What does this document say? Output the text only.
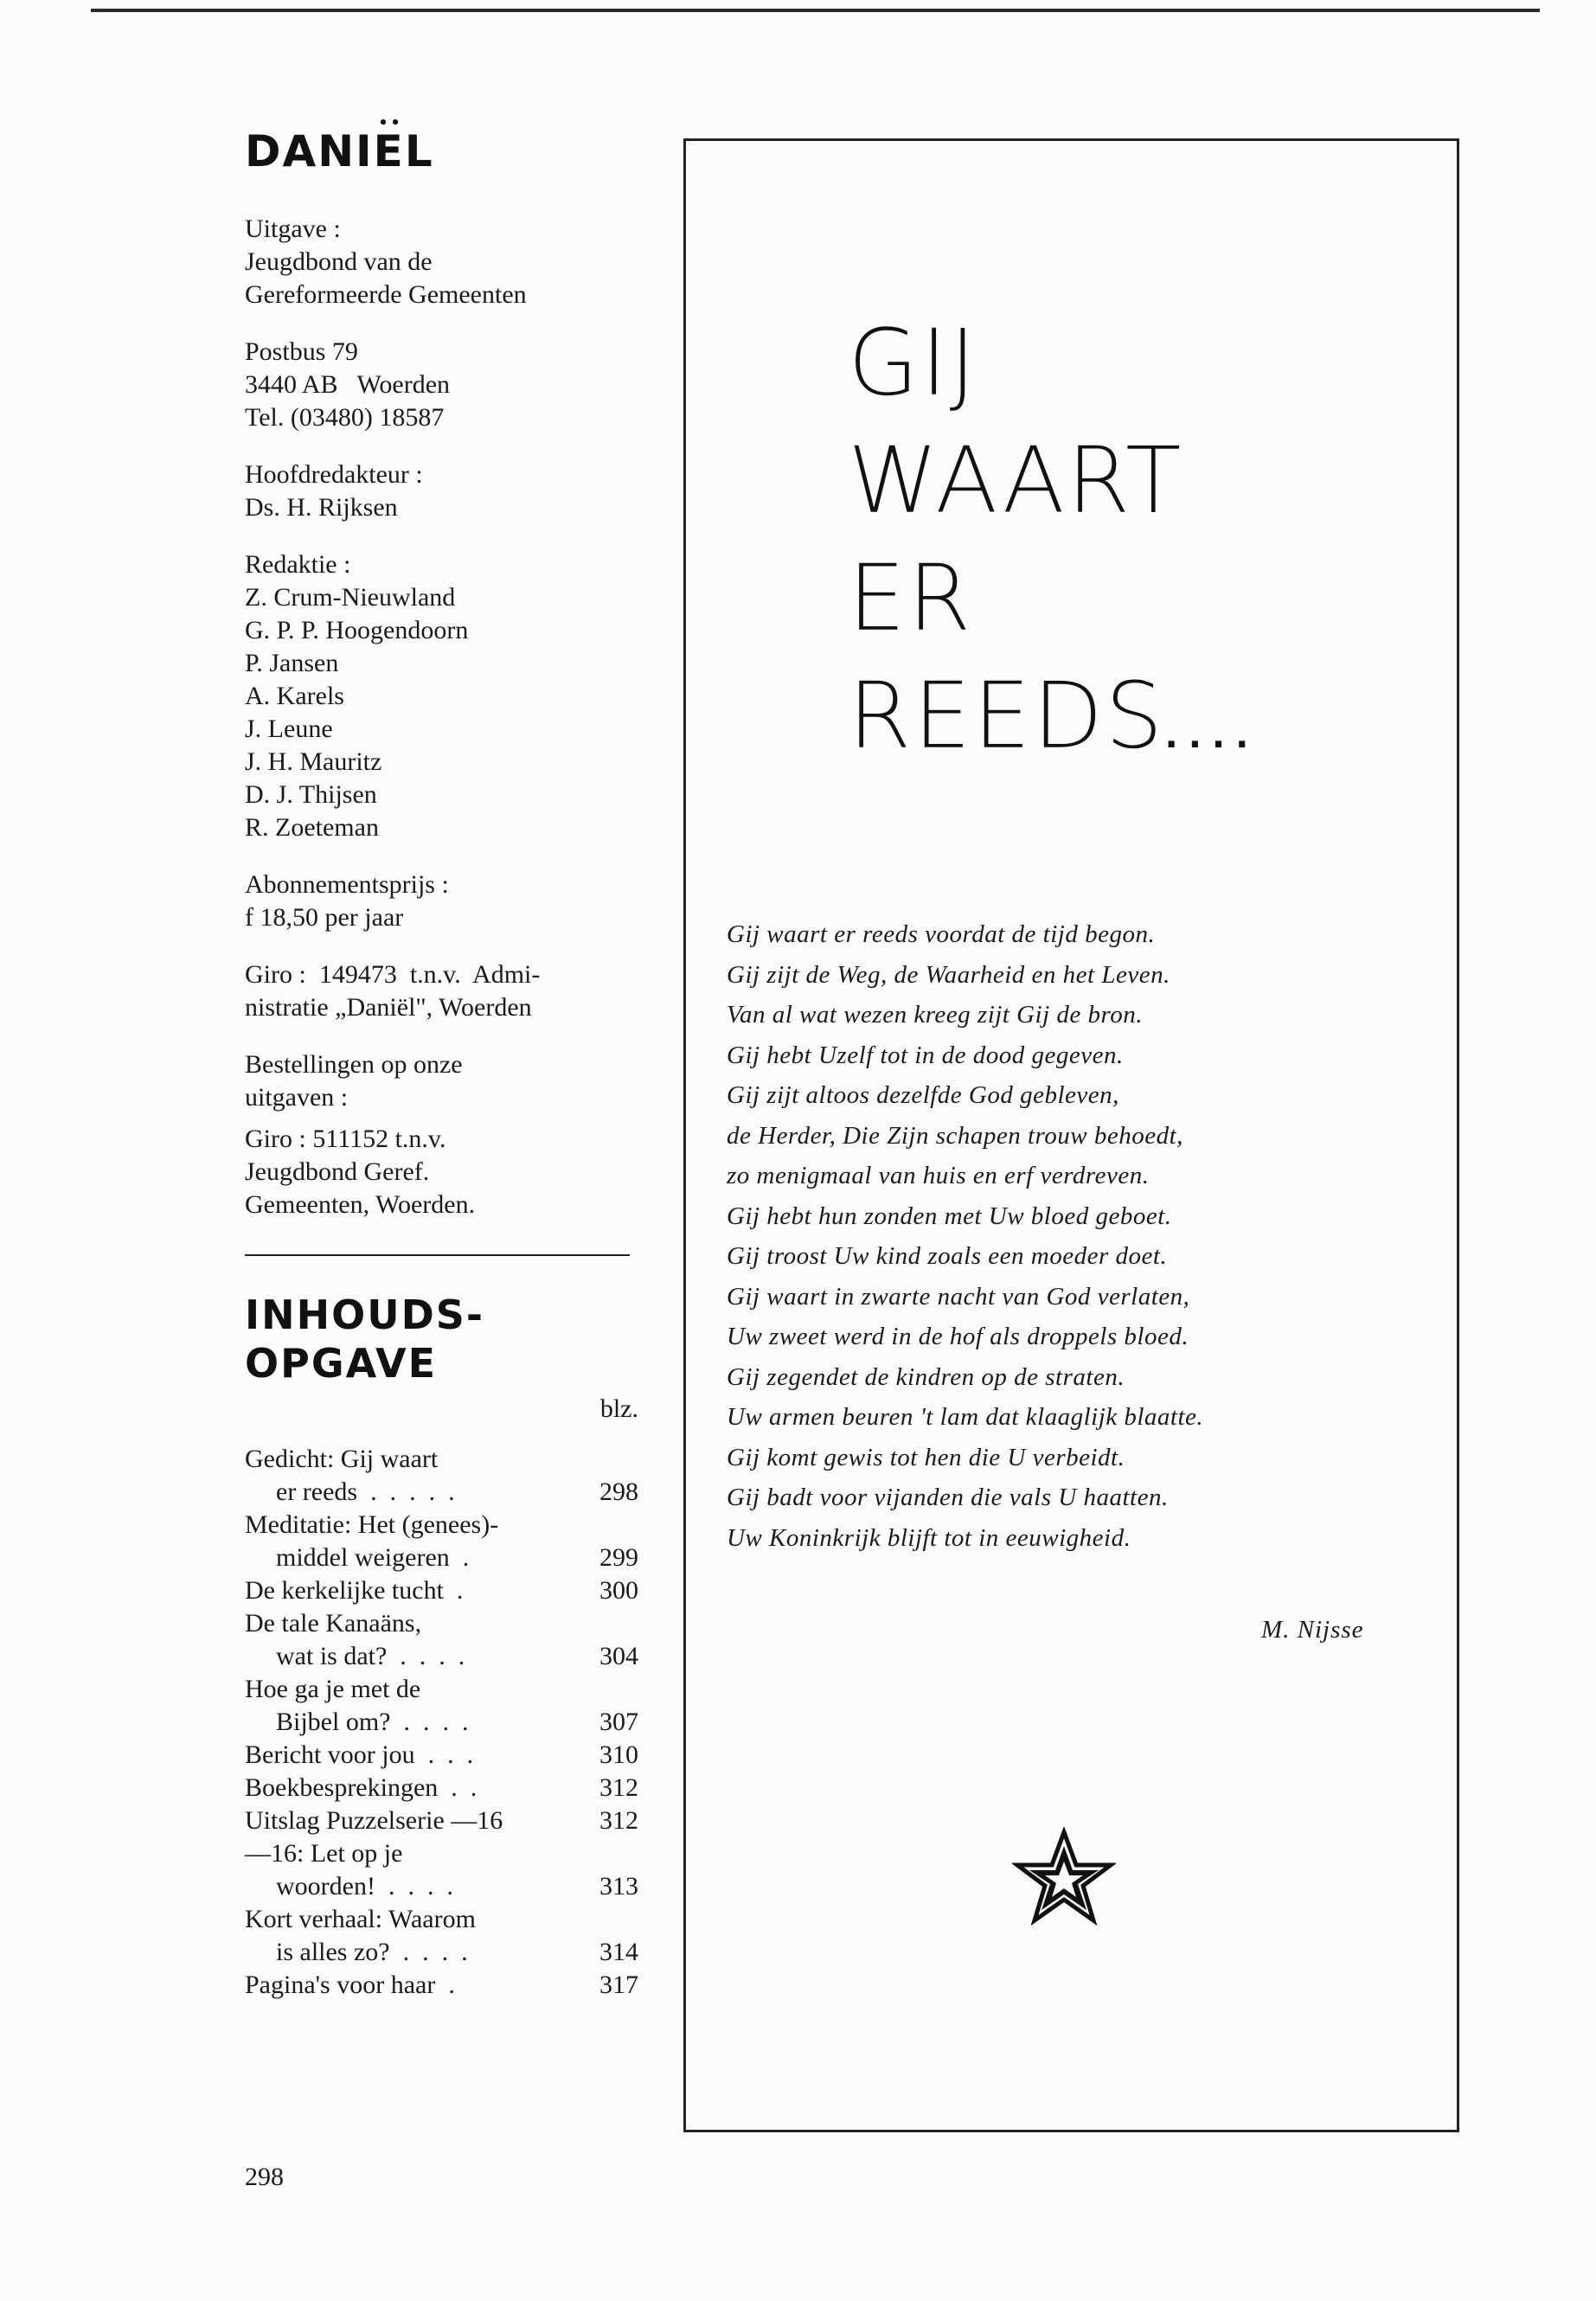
DANIEL
Uitgave :
Jeugdbond van de
Gereformeerde Gemeenten
Postbus 79
3440 AB   Woerden
Tel. (03480) 18587
Hoofdredakteur :
Ds. H. Rijksen
Redaktie :
Z. Crum-Nieuwland
G. P. P. Hoogendoorn
P. Jansen
A. Karels
J. Leune
J. H. Mauritz
D. J. Thijsen
R. Zoeteman
Abonnementsprijs :
f 18,50 per jaar
Giro :  149473  t.n.v.  Admi-
nistratie „Daniël", Woerden
Bestellingen op onze
uitgaven :
Giro : 511152 t.n.v.
Jeugdbond Geref.
Gemeenten, Woerden.
INHOUDS-
OPGAVE
blz.
Gedicht: Gij waart
er reeds  .  .  .  .  .	298
Meditatie: Het (genees)-
middel weigeren  .	299
De kerkelijke tucht  .	300
De tale Kanaäns,
wat is dat?  .  .  .  .	304
Hoe ga je met de
Bijbel om?  .  .  .  .	307
Bericht voor jou  .  .  .	310
Boekbesprekingen  .  .	312
Uitslag Puzzelserie —16	312
—16: Let op je
woorden!  .  .  .  .	313
Kort verhaal: Waarom
is alles zo?  .  .  .  .	314
Pagina's voor haar  .	317
298
GIJ
WAART
ER
REEDS....
Gij waart er reeds voordat de tijd begon.
Gij zijt de Weg, de Waarheid en het Leven.
Van al wat wezen kreeg zijt Gij de bron.
Gij hebt Uzelf tot in de dood gegeven.
Gij zijt altoos dezelfde God gebleven,
de Herder, Die Zijn schapen trouw behoedt,
zo menigmaal van huis en erf verdreven.
Gij hebt hun zonden met Uw bloed geboet.
Gij troost Uw kind zoals een moeder doet.
Gij waart in zwarte nacht van God verlaten,
Uw zweet werd in de hof als droppels bloed.
Gij zegendet de kindren op de straten.
Uw armen beuren 't lam dat klaaglijk blaatte.
Gij komt gewis tot hen die U verbeidt.
Gij badt voor vijanden die vals U haatten.
Uw Koninkrijk blijft tot in eeuwigheid.
M. Nijsse
